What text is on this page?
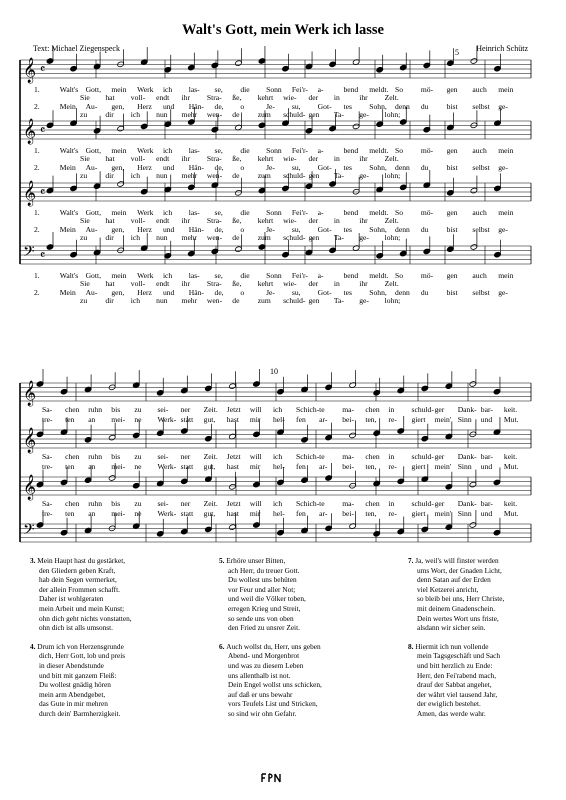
Walt's Gott, mein Werk ich lasse
Text: Michael Ziegenspeck	Heinrich Schütz
𝄞 𝄴
𝄞 𝄴
𝄞 𝄴
𝄢 𝄴
𝄞
𝄞
𝄞
𝄢
5
10
1.	Walt's Gott, mein Werk ich las- se, die Sonn Fei'r- a-	bend meldt. So mö- gen auch mein
Sie hat voll- endt ihr Stra- ße, kehrt wie- der in	ihr Zelt.
2.	Mein Au- gen, Herz und Hän- de, o	Je- su, Got- tes Sohn, denn du bist selbst ge-
zu dir ich nun mehr wen- de zum schuld- gen Ta- ge- lohn;
1.	Walt's Gott, mein Werk ich las- se, die Sonn Fei'r- a-	bend meldt. So mö- gen auch mein
Sie hat voll- endt ihr Stra- ße, kehrt wie- der in	ihr Zelt.
2.	Mein Au- gen, Herz und Hän- de, o	Je- su, Got- tes Sohn, denn du bist selbst ge-
zu dir ich nun mehr wen- de zum schuld- gen Ta- ge- lohn;
1.	Walt's Gott, mein Werk ich las- se, die Sonn Fei'r- a-	bend meldt. So mö- gen auch mein
Sie hat voll- endt ihr Stra- ße, kehrt wie- der in	ihr Zelt.
2.	Mein Au- gen, Herz und Hän- de, o	Je- su, Got- tes Sohn, denn du bist selbst ge-
zu dir ich nun mehr wen- de zum schuld- gen Ta- ge- lohn;
1.	Walt's Gott, mein Werk ich las- se, die Sonn Fei'r- a-	bend meldt. So mö- gen auch mein
Sie hat voll- endt ihr Stra- ße, kehrt wie- der in	ihr Zelt.
2.	Mein Au- gen, Herz und Hän- de, o	Je- su, Got- tes Sohn, denn du bist selbst ge-
zu dir ich nun mehr wen- de zum schuld- gen Ta- ge- lohn;
Sa- chen ruhn bis zu sei- ner Zeit. Jetzt will ich Schich- te ma- chen in schuld- ger Dank- bar- keit.
tre- ten an mei- ne Werk- statt gut, hast mir hel- fen ar- bei- ten, re- giert mein' Sinn und Mut.
Sa- chen ruhn bis zu sei- ner Zeit. Jetzt will ich Schich- te ma- chen in schuld- ger Dank- bar- keit.
tre- ten an mei- ne Werk- statt gut, hast mir hel- fen ar- bei- ten, re- giert mein' Sinn und Mut.
Sa- chen ruhn bis zu sei- ner Zeit. Jetzt will ich Schich- te ma- chen in schuld- ger Dank- bar- keit.
tre- ten an mei- ne Werk- statt gut, hast mir hel- fen ar- bei- ten, re- giert mein' Sinn und Mut.
3. Mein Haupt hast du gestärket,
den Gliedern geben Kraft,
hab dein Segen vermerket,
der allein Frommen schafft.
Daher ist wohlgeraten
mein Arbeit und mein Kunst;
ohn dich geht nichts vonstatten,
ohn dich ist alls umsonst.
4. Drum ich von Herzensgrunde
dich, Herr Gott, lob und preis
in dieser Abendstunde
und bitt mit ganzem Fleiß:
Du wollest gnädig hören
mein arm Abendgebet,
das Gute in mir mehren
durch dein' Barmherzigkeit.
5. Erhöre unser Bitten,
ach Herr, du treuer Gott.
Du wollest uns behüten
vor Feur und aller Not;
und weil die Völker toben,
erregen Krieg und Streit,
so sende uns von oben
den Fried zu unsrer Zeit.
6. Auch wollst du, Herr, uns geben
Abend- und Morgenbrot
und was zu diesem Leben
uns allenthalb ist not.
Dein Engel wollst uns schicken,
auf daß er uns bewahr
vors Teufels List und Stricken,
so sind wir ohn Gefahr.
7. Ja, weil's will finster werden
ums Wort, der Gnaden Licht,
denn Satan auf der Erden
viel Ketzerei anricht,
so bleib bei uns, Herr Christe,
mit deinem Gnadenschein.
Dein wertes Wort uns friste,
alsdann wir sicher sein.
8. Hiermit ich nun vollende
mein Tagsgeschäft und Sach
und bitt herzlich zu Ende:
Herr, den Fei'rabend mach,
drauf der Sabbat angehet,
der währt viel tausend Jahr,
der ewiglich bestehet.
Amen, das werde wahr.
